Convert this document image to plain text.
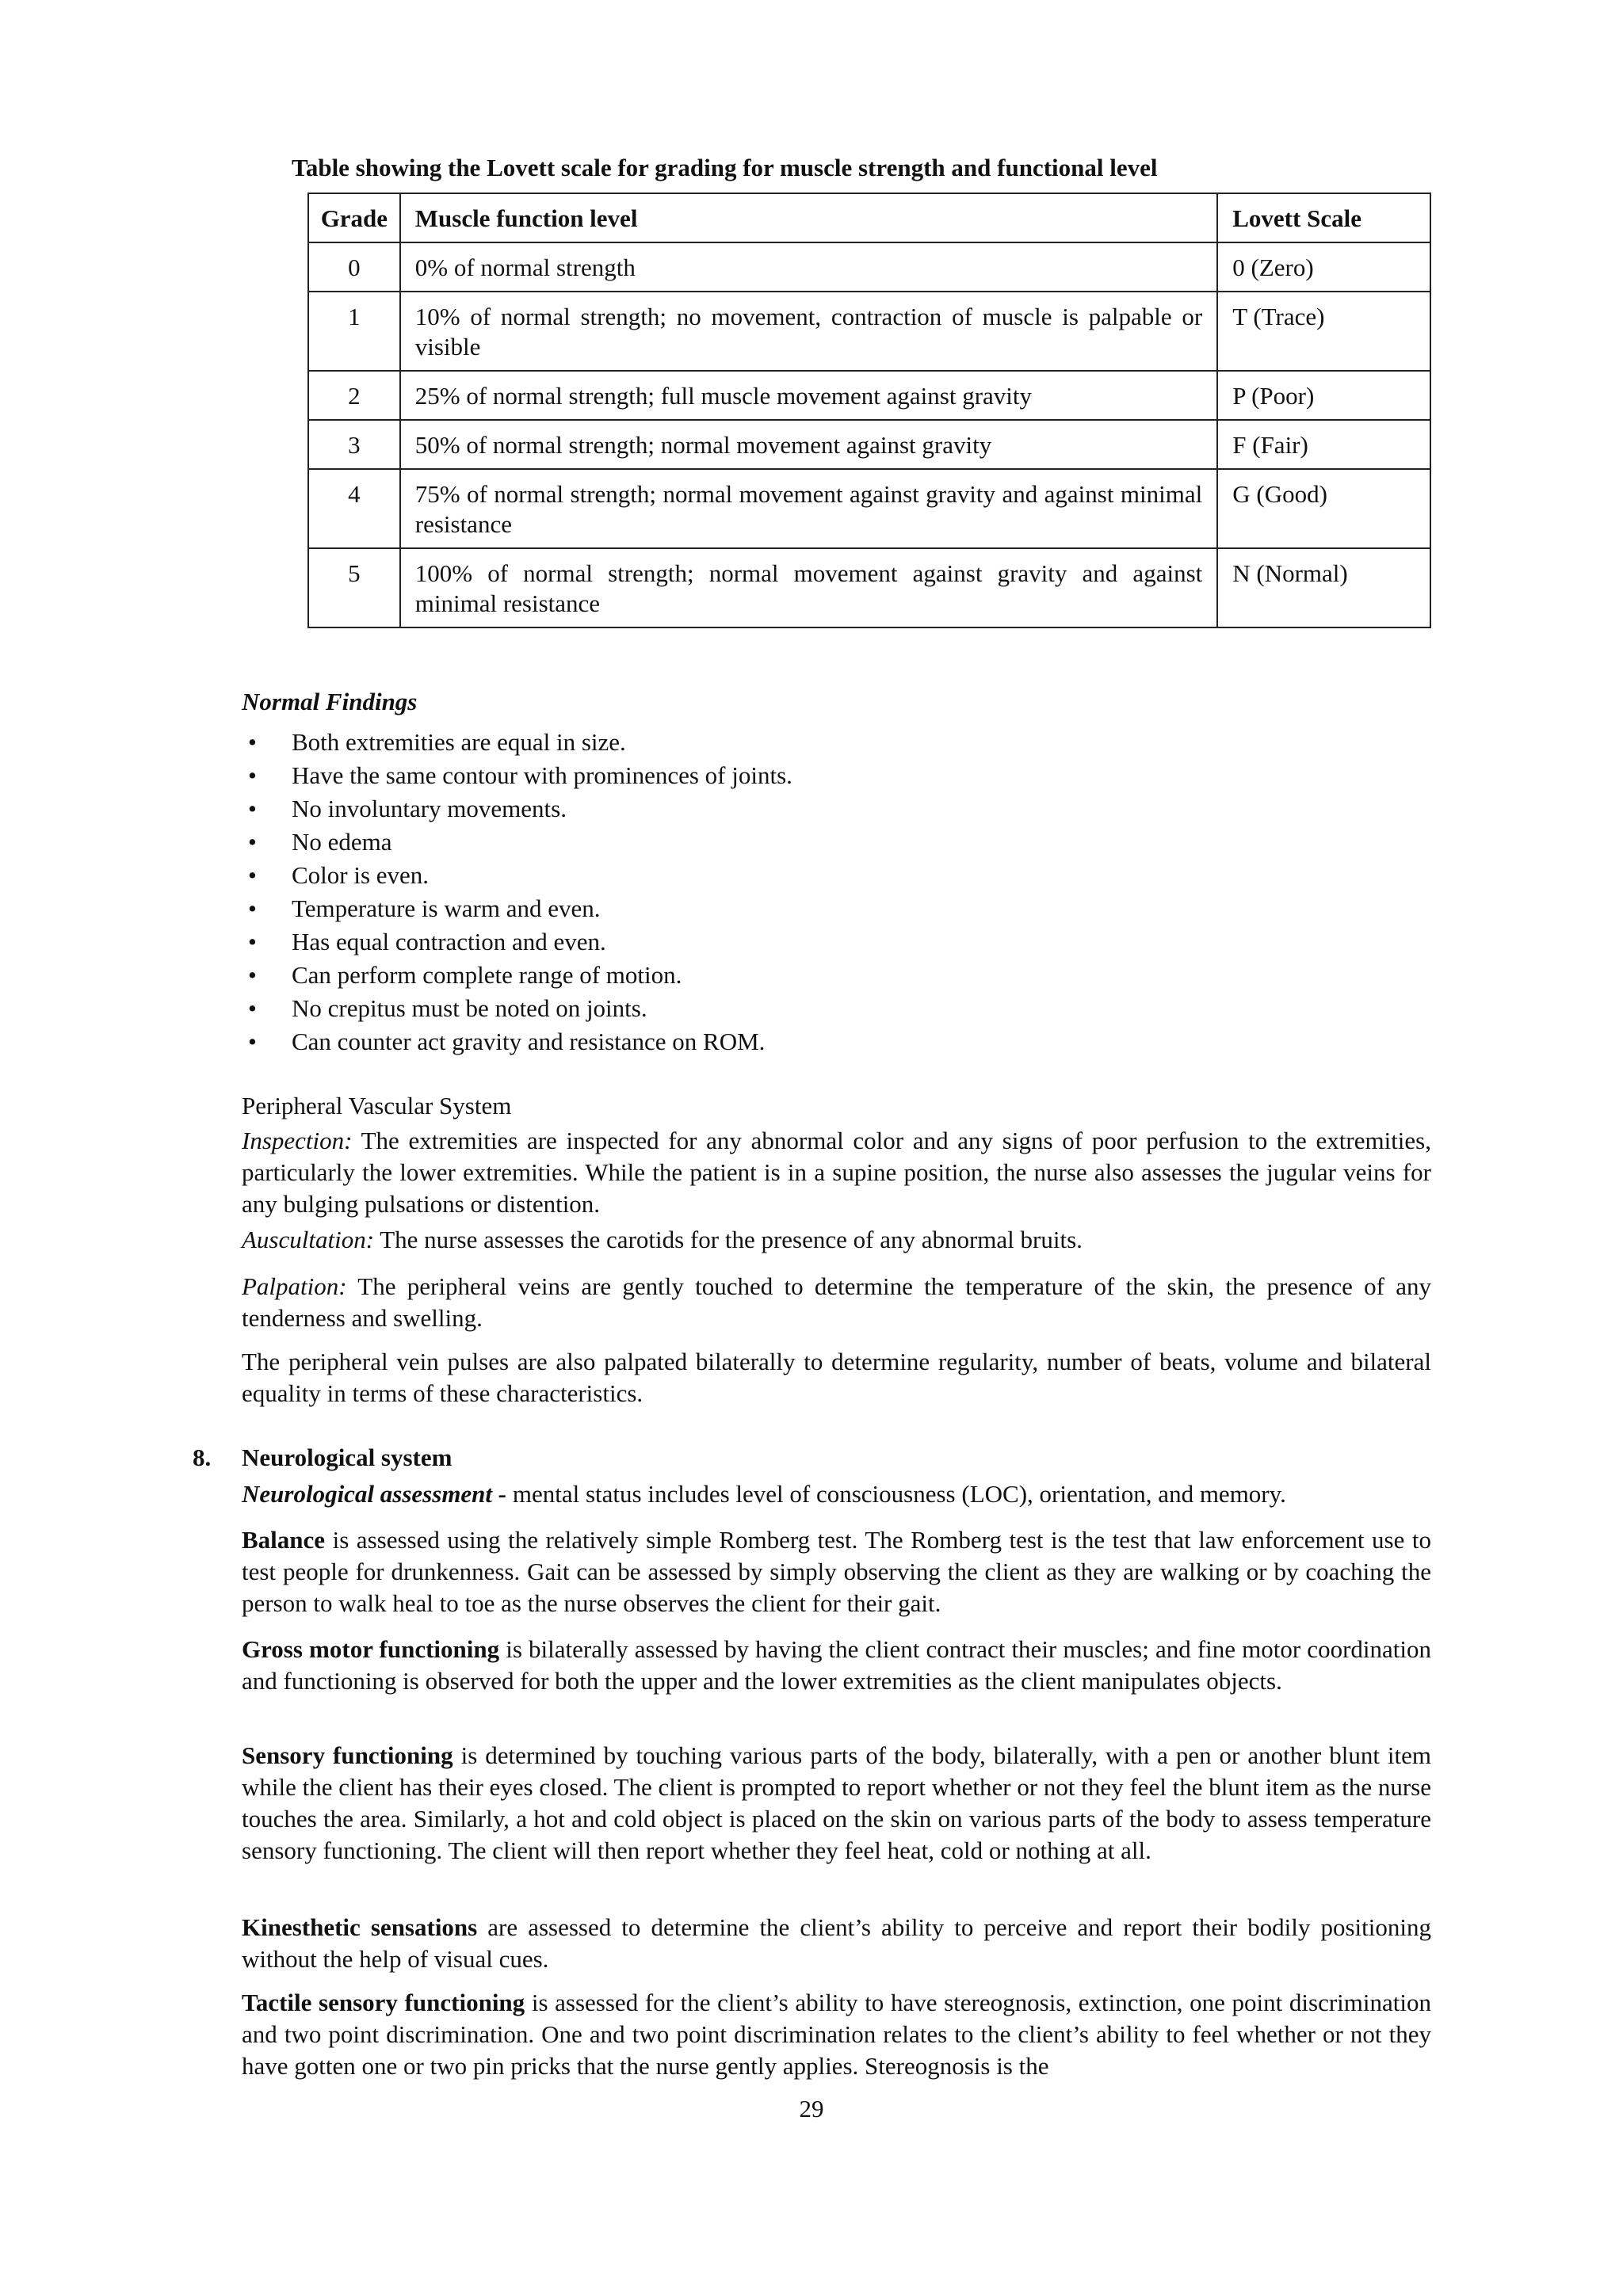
Table showing the Lovett scale for grading for muscle strength and functional level
Grade	Muscle function level	Lovett Scale
0	0% of normal strength	0 (Zero)
1	10% of normal strength; no movement, contraction of muscle is palpable or visible	T (Trace)
2	25% of normal strength; full muscle movement against gravity	P (Poor)
3	50% of normal strength; normal movement against gravity	F (Fair)
4	75% of normal strength; normal movement against gravity and against minimal resistance	G (Good)
5	100% of normal strength; normal movement against gravity and against minimal resistance	N (Normal)
Normal Findings
• Both extremities are equal in size.
• Have the same contour with prominences of joints.
• No involuntary movements.
• No edema
• Color is even.
• Temperature is warm and even.
• Has equal contraction and even.
• Can perform complete range of motion.
• No crepitus must be noted on joints.
• Can counter act gravity and resistance on ROM.
Peripheral Vascular System
Inspection: The extremities are inspected for any abnormal color and any signs of poor perfusion to the extremities, particularly the lower extremities. While the patient is in a supine position, the nurse also assesses the jugular veins for any bulging pulsations or distention.
Auscultation: The nurse assesses the carotids for the presence of any abnormal bruits.
Palpation: The peripheral veins are gently touched to determine the temperature of the skin, the presence of any tenderness and swelling.
The peripheral vein pulses are also palpated bilaterally to determine regularity, number of beats, volume and bilateral equality in terms of these characteristics.
8. Neurological system
Neurological assessment - mental status includes level of consciousness (LOC), orientation, and memory.
Balance is assessed using the relatively simple Romberg test. The Romberg test is the test that law enforcement use to test people for drunkenness. Gait can be assessed by simply observing the client as they are walking or by coaching the person to walk heal to toe as the nurse observes the client for their gait.
Gross motor functioning is bilaterally assessed by having the client contract their muscles; and fine motor coordination and functioning is observed for both the upper and the lower extremities as the client manipulates objects.
Sensory functioning is determined by touching various parts of the body, bilaterally, with a pen or another blunt item while the client has their eyes closed. The client is prompted to report whether or not they feel the blunt item as the nurse touches the area. Similarly, a hot and cold object is placed on the skin on various parts of the body to assess temperature sensory functioning. The client will then report whether they feel heat, cold or nothing at all.
Kinesthetic sensations are assessed to determine the client’s ability to perceive and report their bodily positioning without the help of visual cues.
Tactile sensory functioning is assessed for the client’s ability to have stereognosis, extinction, one point discrimination and two point discrimination. One and two point discrimination relates to the client’s ability to feel whether or not they have gotten one or two pin pricks that the nurse gently applies. Stereognosis is the
29
